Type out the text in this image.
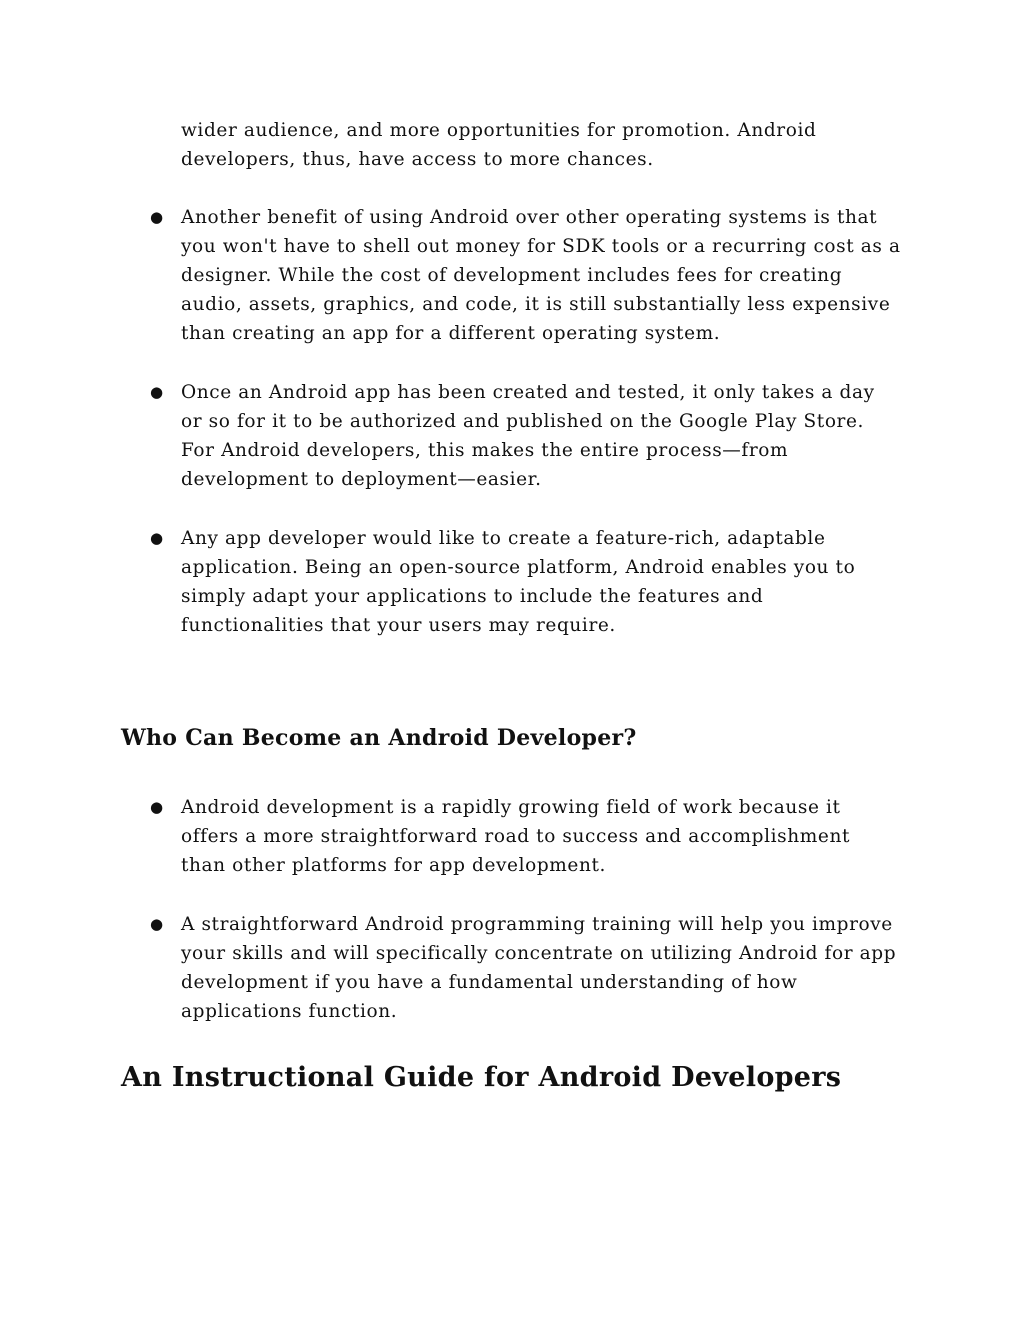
wider audience, and more opportunities for promotion. Android developers, thus, have access to more chances.

● Another benefit of using Android over other operating systems is that you won't have to shell out money for SDK tools or a recurring cost as a designer. While the cost of development includes fees for creating audio, assets, graphics, and code, it is still substantially less expensive than creating an app for a different operating system.

● Once an Android app has been created and tested, it only takes a day or so for it to be authorized and published on the Google Play Store. For Android developers, this makes the entire process—from development to deployment—easier.

● Any app developer would like to create a feature-rich, adaptable application. Being an open-source platform, Android enables you to simply adapt your applications to include the features and functionalities that your users may require.

Who Can Become an Android Developer?
● Android development is a rapidly growing field of work because it offers a more straightforward road to success and accomplishment than other platforms for app development.

● A straightforward Android programming training will help you improve your skills and will specifically concentrate on utilizing Android for app development if you have a fundamental understanding of how applications function.

An Instructional Guide for Android Developers
